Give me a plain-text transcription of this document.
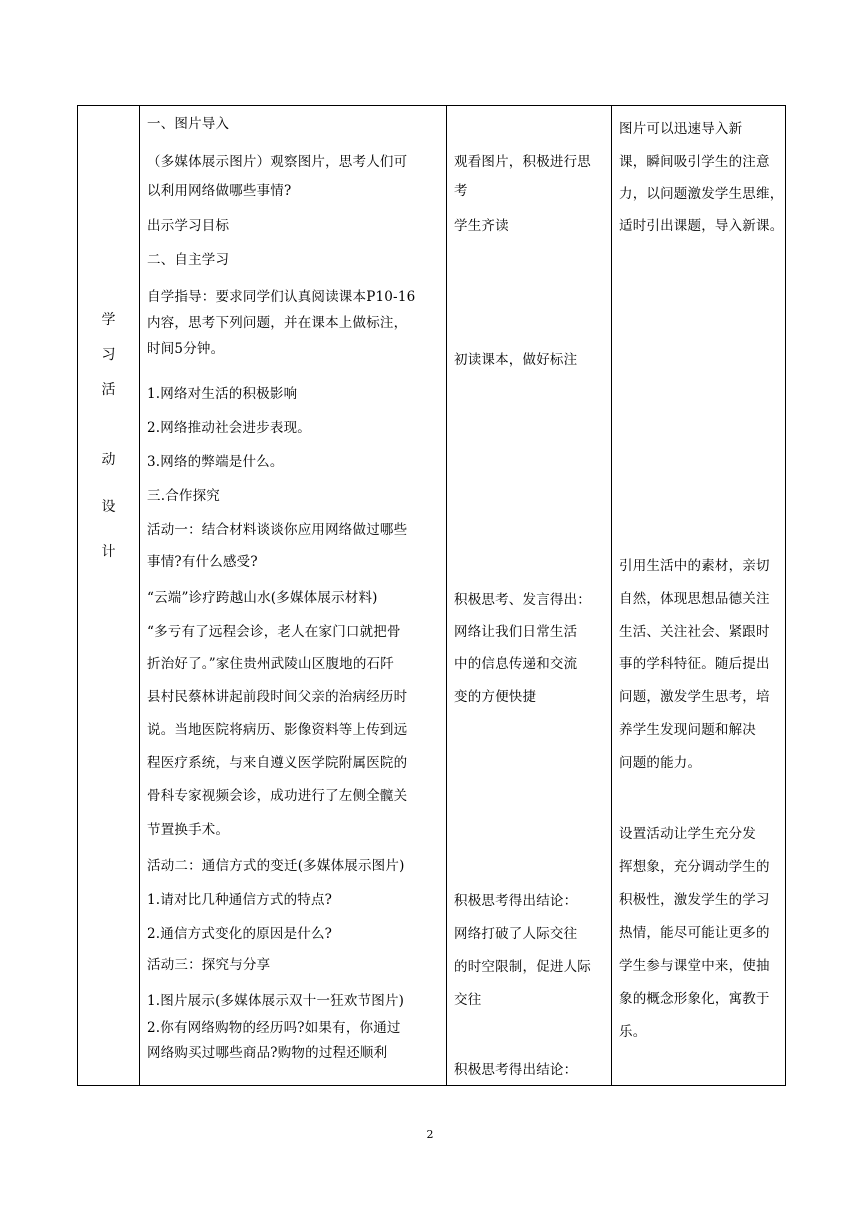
学
习
活
动
设
计
一、图片导入
（多媒体展示图片）观察图片，思考人们可
以利用网络做哪些事情?
出示学习目标
二、自主学习
自学指导：要求同学们认真阅读课本P10-16
内容，思考下列问题，并在课本上做标注，
时间5分钟。
1.网络对生活的积极影响
2.网络推动社会进步表现。
3.网络的弊端是什么。
三.合作探究
活动一：结合材料谈谈你应用网络做过哪些
事情?有什么感受?
“云端”诊疗跨越山水(多媒体展示材料)
“多亏有了远程会诊，老人在家门口就把骨
折治好了。”家住贵州武陵山区腹地的石阡
县村民蔡林讲起前段时间父亲的治病经历时
说。当地医院将病历、影像资料等上传到远
程医疗系统，与来自遵义医学院附属医院的
骨科专家视频会诊，成功进行了左侧全髋关
节置换手术。
活动二：通信方式的变迁(多媒体展示图片)
1.请对比几种通信方式的特点?
2.通信方式变化的原因是什么?
活动三：探究与分享
1.图片展示(多媒体展示双十一狂欢节图片)
2.你有网络购物的经历吗?如果有，你通过
网络购买过哪些商品?购物的过程还顺利
观看图片，积极进行思
考
学生齐读
初读课本，做好标注
积极思考、发言得出：
网络让我们日常生活
中的信息传递和交流
变的方便快捷
积极思考得出结论：
网络打破了人际交往
的时空限制，促进人际
交往
积极思考得出结论：
图片可以迅速导入新
课，瞬间吸引学生的注意
力，以问题激发学生思维，
适时引出课题，导入新课。
引用生活中的素材，亲切
自然，体现思想品德关注
生活、关注社会、紧跟时
事的学科特征。随后提出
问题，激发学生思考，培
养学生发现问题和解决
问题的能力。
设置活动让学生充分发
挥想象，充分调动学生的
积极性，激发学生的学习
热情，能尽可能让更多的
学生参与课堂中来，使抽
象的概念形象化，寓教于
乐。
2
